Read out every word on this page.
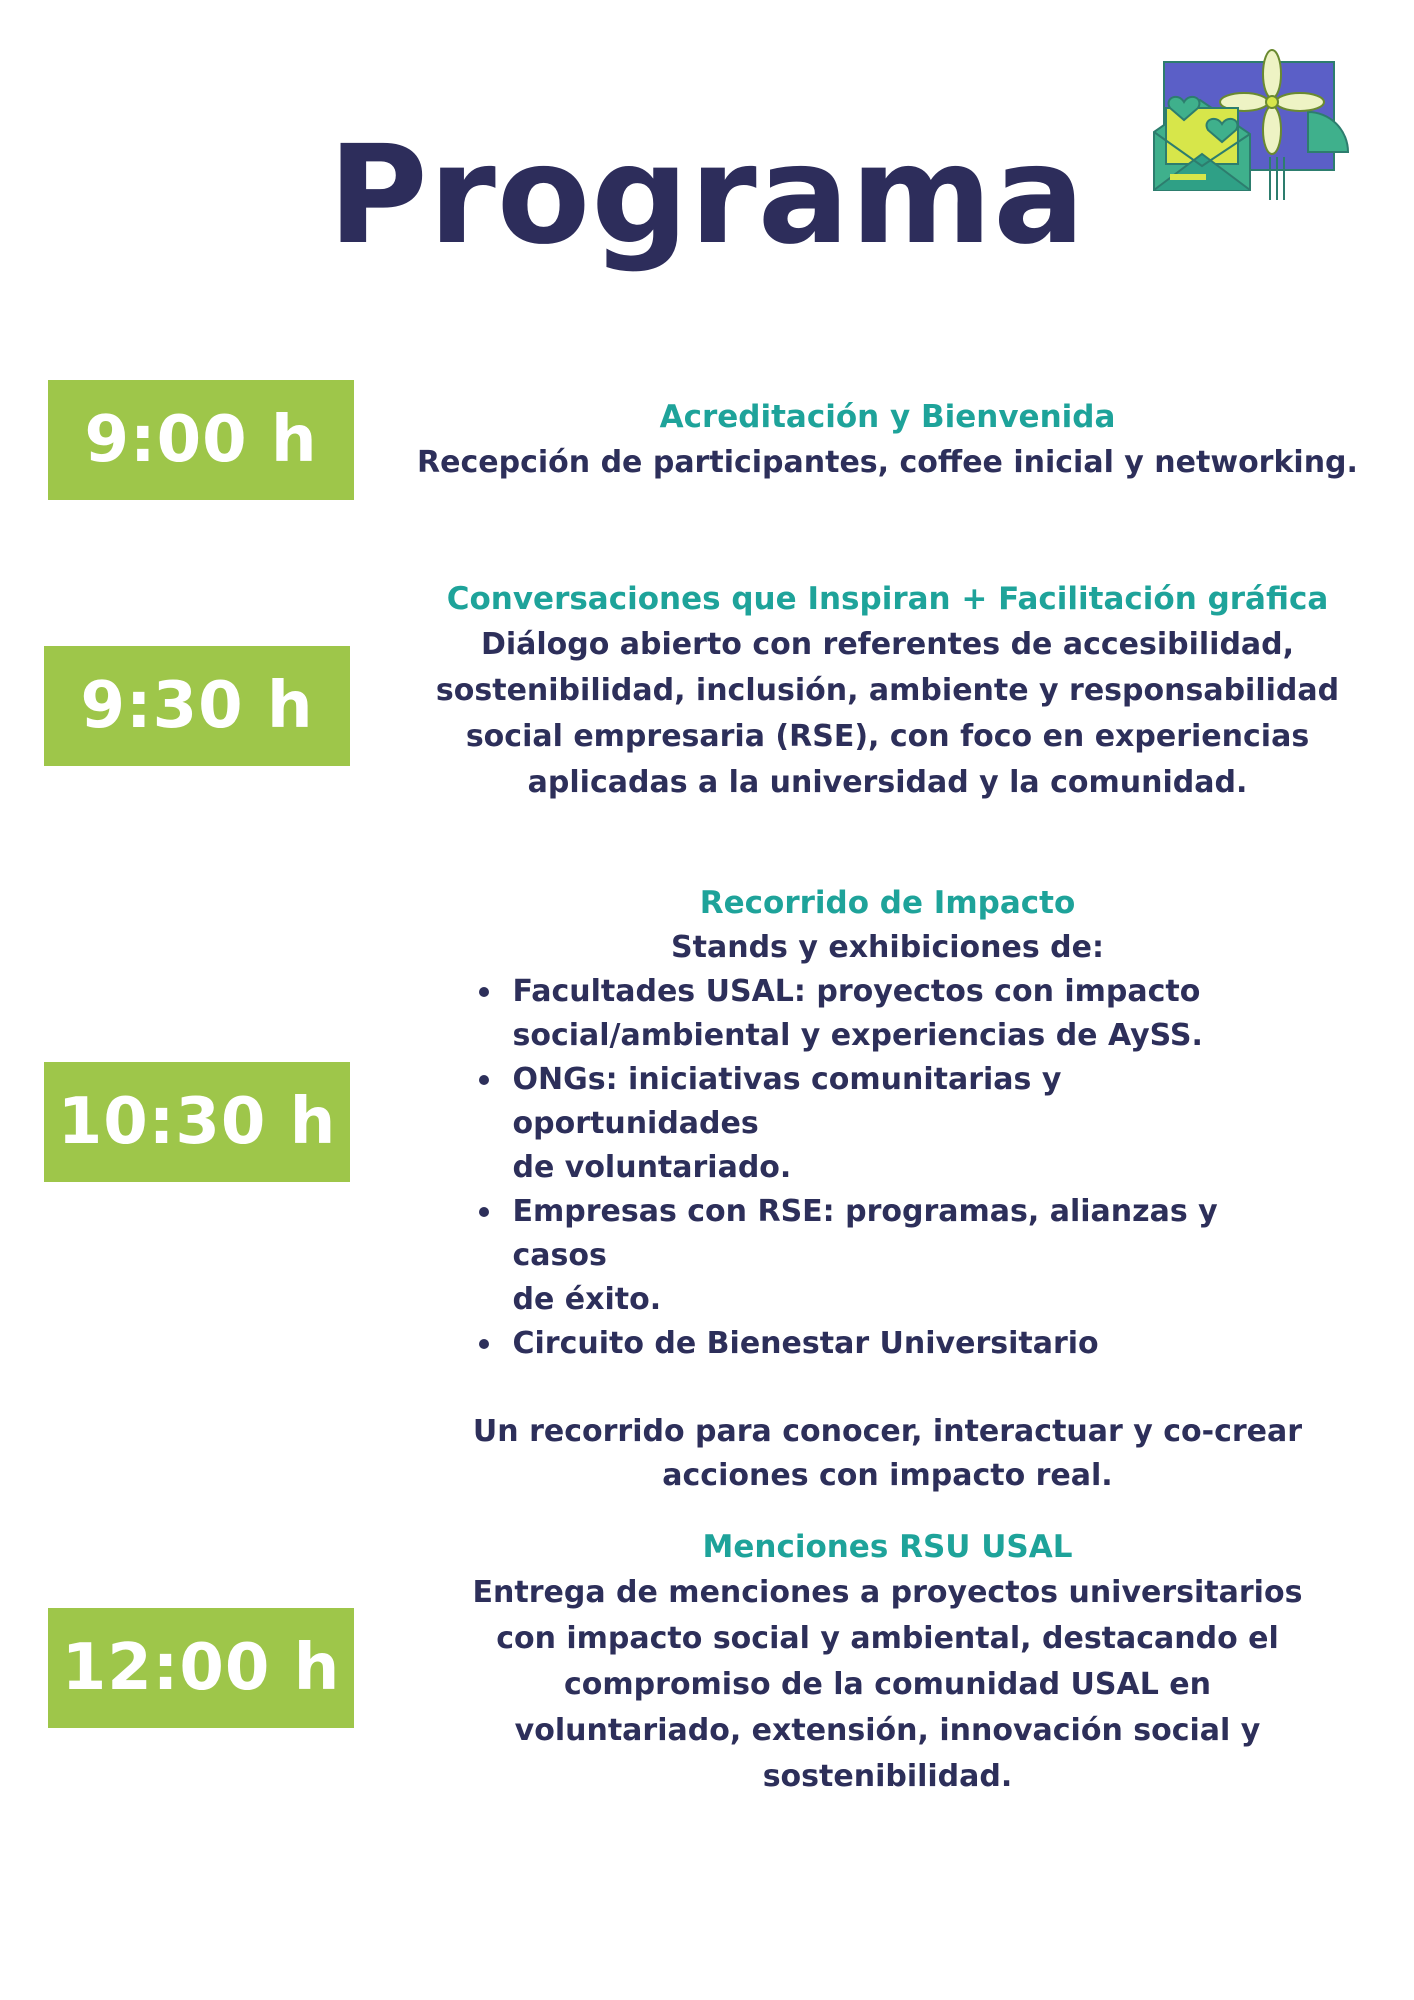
Programa
9:00 h	Acreditación y Bienvenida

Recepción de participantes, coffee inicial y networking.

9:30 h

Conversaciones que Inspiran + Facilitación gráfica

Diálogo abierto con referentes de accesibilidad,

sostenibilidad, inclusión, ambiente y responsabilidad

social empresaria (RSE), con foco en experiencias

aplicadas a la universidad y la comunidad.

10:30 h

Recorrido de Impacto

Stands y exhibiciones de:

Facultades USAL: proyectos con impacto
social/ambiental y experiencias de AySS.
ONGs: iniciativas comunitarias y oportunidades
de voluntariado.
Empresas con RSE: programas, alianzas y casos
de éxito.
Circuito de Bienestar Universitario

Un recorrido para conocer, interactuar y co-crear

acciones con impacto real.

12:00 h

Menciones RSU USAL

Entrega de menciones a proyectos universitarios

con impacto social y ambiental, destacando el

compromiso de la comunidad USAL en

voluntariado, extensión, innovación social y

sostenibilidad.
